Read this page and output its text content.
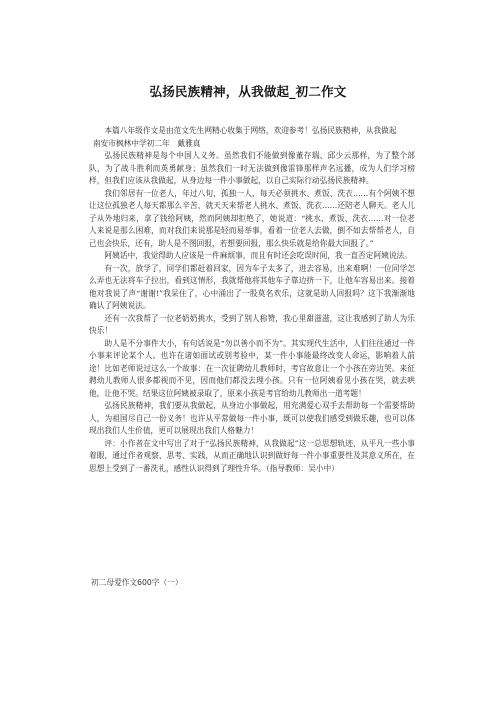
弘扬民族精神，从我做起_初二作文

本篇八年级作文是由范文先生网精心收集于网络，欢迎参考！弘扬民族精神，从我做起

南安市枫林中学初二年　戴雅真

弘扬民族精神是每个中国人义务。虽然我们不能做到像董存瑞、邱少云那样，为了整个部队，为了战斗胜利而英勇献身；虽然我们一时无法做到像雷锋那样声名远播，成为人们学习榜样，但我们应该从我做起，从身边每一件小事做起，以自己实际行动弘扬民族精神。

我们邻居有一位老人，年过八旬，孤独一人，每天必须挑水、煮饭、洗衣……有个阿姨不想让这位孤独老人每天都那么辛苦，就天天来帮老人挑水、煮饭、洗衣……还陪老人聊天。老人儿子从外地归来，拿了钱给阿姨，然而阿姨却拒绝了，她说道：“挑水、煮饭、洗衣……对一位老人来说是那么困难，而对我们来说那是轻而易举事，看着一位老人去做，倒不如去帮帮老人，自己也会快乐，还有，助人是不图回报，若想要回报，那么快乐就是给你最大回报了。”

阿姨话中，我觉得助人应该是一件麻烦事，而且有时还会吃误时间，我一直否定阿姨说法。

有一次，放学了，同学们都赶着回家，因为车子太多了，进去容易，出来难啊！一位同学怎么弄也无法将车子拉出，看到这情形，我就帮他将其他车子靠边挤一下，让他车容易出来。接着他对我说了声“谢谢!”我呆住了，心中涌出了一股莫名欢乐，这就是助人回报吗？这下我渐渐地确认了阿姨说法。

还有一次我帮了一位老奶奶挑水，受到了别人称赞，我心里甜滋滋，这让我感到了助人为乐快乐！

助人是不分事件大小，有句话说是“勿以善小而不为”。其实现代生活中，人们往往通过一件小事来评论某个人。也许在诸如面试或别考验中，某一件小事能最终改变人命运，影响着人前途！比如老师说过这么一个故事：在一次征聘幼儿教师时，考官故意让一个小孩在旁边哭。来征聘幼儿教师人很多都视而不见，因而他们都没去理小孩。只有一位阿姨看见小孩在哭，就去哄他，让他不哭。结果这位阿姨被录取了，原来小孩是考官给幼儿教师出一道考题！

弘扬民族精神，我们要从我做起，从身边小事做起，用充满爱心双手去帮助每一个需要帮助人，为祖国尽自己一份义务！也许从平常做每一件小事，既可以使我们感受到做乐趣，也可以体现出我们人生价值，更可以展现出我们人格魅力！

评：小作者在文中写出了对于“弘扬民族精神，从我做起”这一总思想轨迹，从平凡一些小事着眼，通过作者观察、思考、实践，从而正确地认识到做好每一件小事重要性及其意义所在，在思想上受到了一番洗礼，感性认识得到了理性升华。（指导教师：吴小中）

初二母爱作文600字（一）
